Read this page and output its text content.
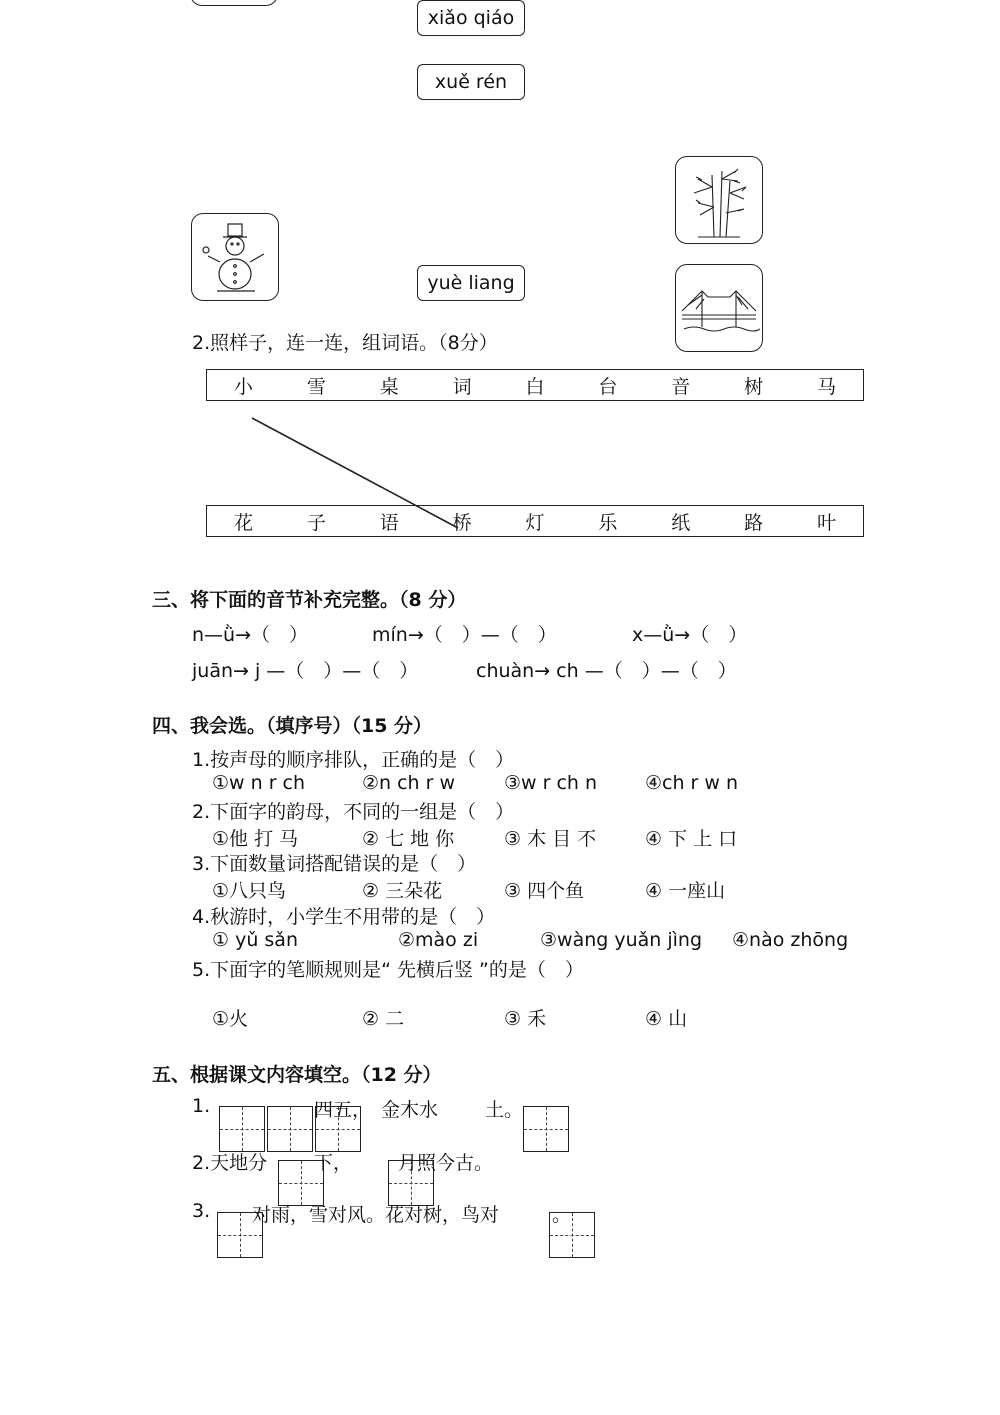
xiǎo qiáo
xuě rén
yuè liang
2.照样子，连一连，组词语。（8分）
小	雪	桌	词	白	台	音	树	马
花	子	语	桥	灯	乐	纸	路	叶
三、将下面的音节补充完整。（8 分）
n—ǜ→（　）	mín→（　）—（　）	x—ǜ→（　）
juān→ j —（　）—（　）	chuàn→ ch —（　）—（　）
四、我会选。（填序号）（15 分）
1.按声母的顺序排队，正确的是（　）
①w n r ch	②n ch r w	③w r ch n	④ch r w n
2.下面字的韵母，不同的一组是（　）
①他 打 马	② 七 地 你	③ 木 目 不	④ 下 上 口
3.下面数量词搭配错误的是（　）
①八只鸟	② 三朵花	③ 四个鱼	④ 一座山
4.秋游时，小学生不用带的是（　）
① yǔ sǎn	②mào zi	③wàng yuǎn jìng ④nào zhōng
5.下面字的笔顺规则是“ 先横后竖 ”的是（　）
①火	② 二	③ 禾	④ 山
五、根据课文内容填空。（12 分）
1.	四五， 金木水 土。
2.天地分 下， 月照今古。
3. 对雨，雪对风。花对树，鸟对	。
